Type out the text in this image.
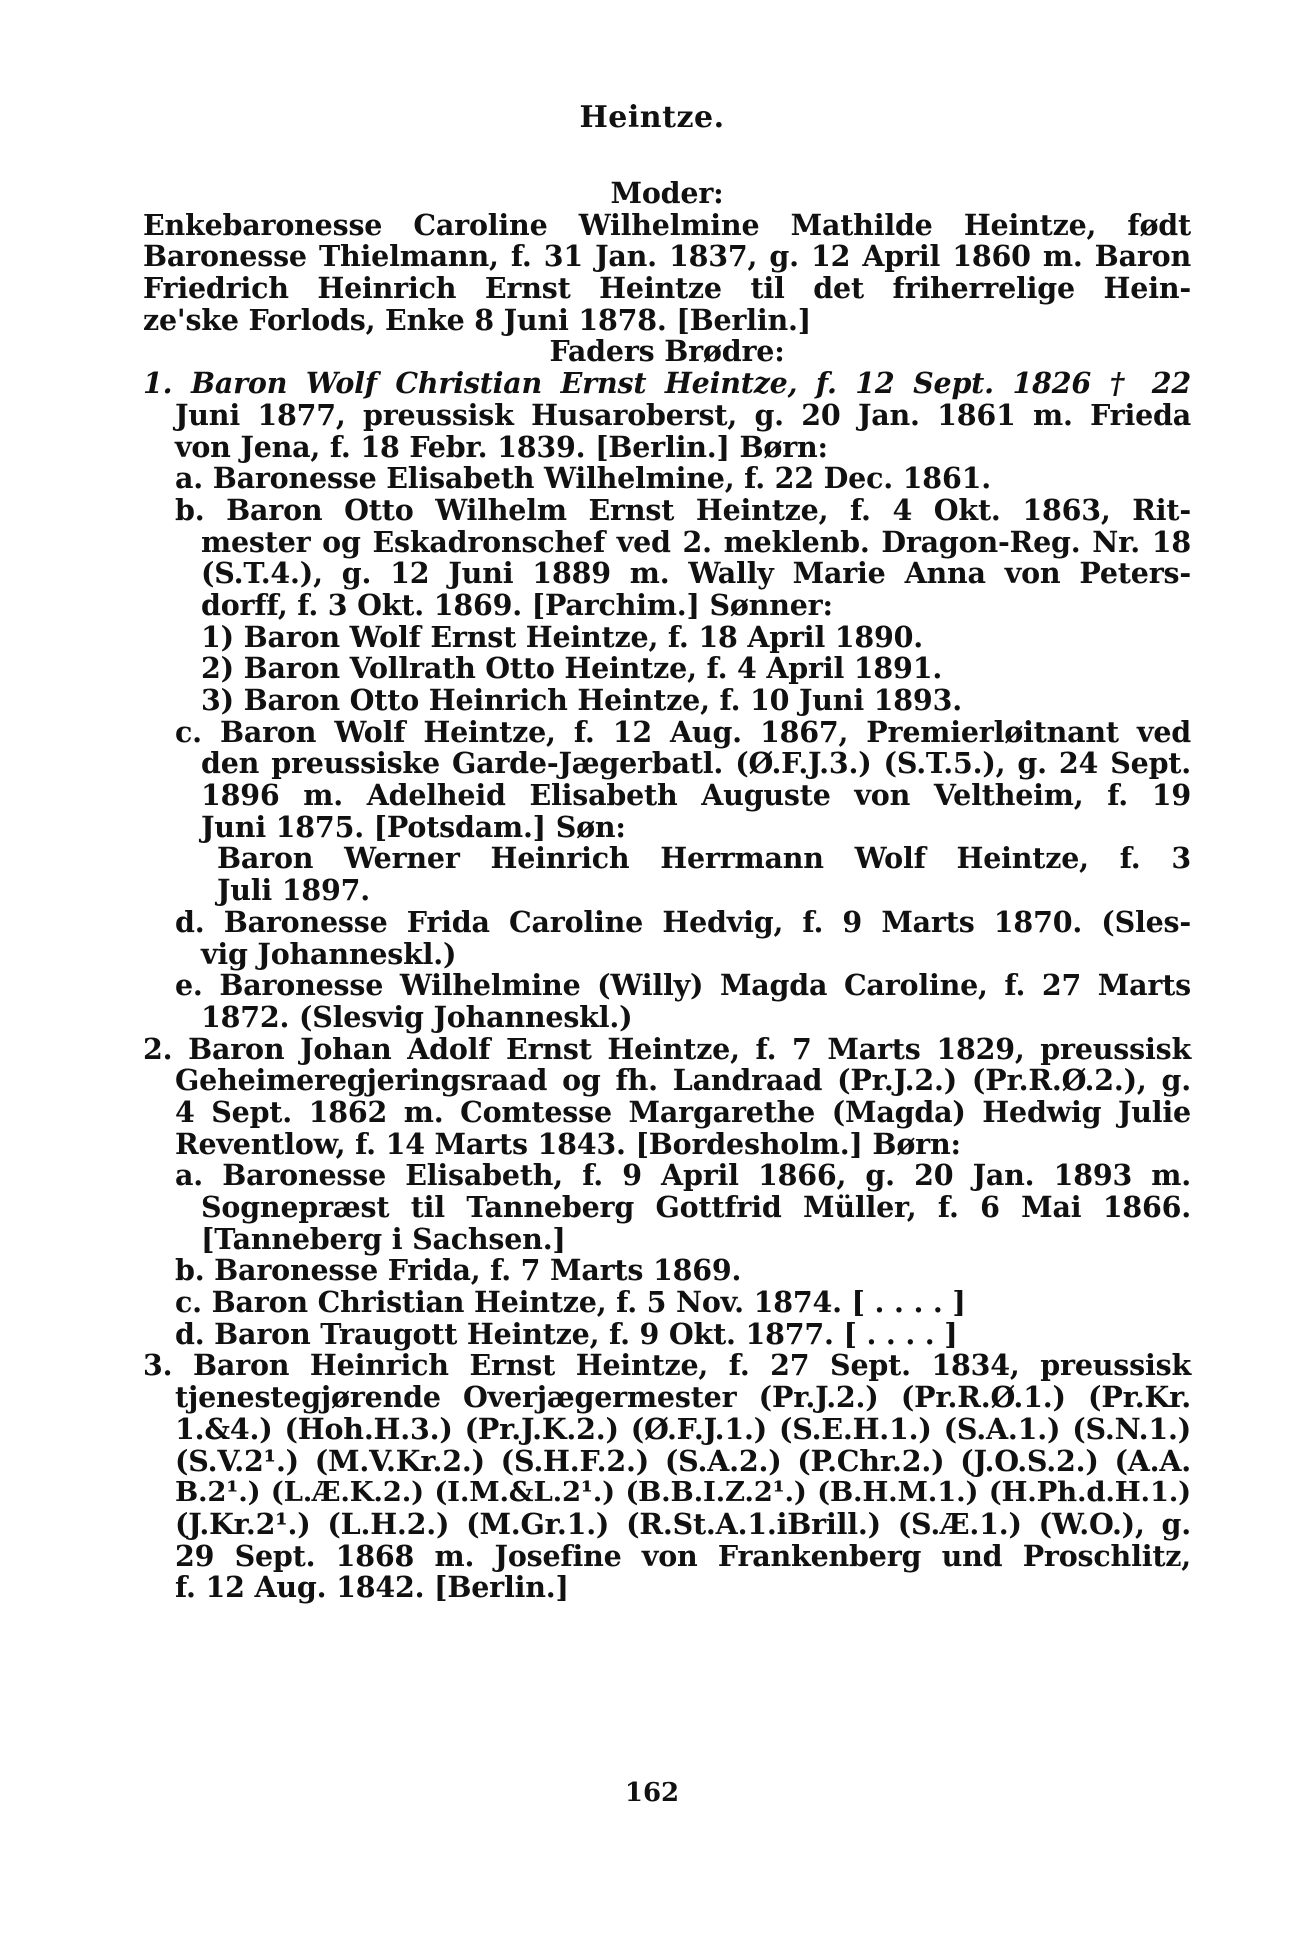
Heintze.
Moder:
Enkebaronesse Caroline Wilhelmine Mathilde Heintze, født
Baronesse Thielmann, f. 31 Jan. 1837, g. 12 April 1860 m. Baron
Friedrich Heinrich Ernst Heintze til det friherrelige Hein-
ze'ske Forlods, Enke 8 Juni 1878. [Berlin.]
Faders Brødre:
1. Baron Wolf Christian Ernst Heintze, f. 12 Sept. 1826 † 22
Juni 1877, preussisk Husaroberst, g. 20 Jan. 1861 m. Frieda
von Jena, f. 18 Febr. 1839. [Berlin.] Børn:
a. Baronesse Elisabeth Wilhelmine, f. 22 Dec. 1861.
b. Baron Otto Wilhelm Ernst Heintze, f. 4 Okt. 1863, Rit-
mester og Eskadronschef ved 2. meklenb. Dragon-Reg. Nr. 18
(S.T.4.), g. 12 Juni 1889 m. Wally Marie Anna von Peters-
dorff, f. 3 Okt. 1869. [Parchim.] Sønner:
1) Baron Wolf Ernst Heintze, f. 18 April 1890.
2) Baron Vollrath Otto Heintze, f. 4 April 1891.
3) Baron Otto Heinrich Heintze, f. 10 Juni 1893.
c. Baron Wolf Heintze, f. 12 Aug. 1867, Premierløitnant ved
den preussiske Garde-Jægerbatl. (Ø.F.J.3.) (S.T.5.), g. 24 Sept.
1896 m. Adelheid Elisabeth Auguste von Veltheim, f. 19
Juni 1875. [Potsdam.] Søn:
Baron Werner Heinrich Herrmann Wolf Heintze, f. 3
Juli 1897.
d. Baronesse Frida Caroline Hedvig, f. 9 Marts 1870. (Sles-
vig Johanneskl.)
e. Baronesse Wilhelmine (Willy) Magda Caroline, f. 27 Marts
1872. (Slesvig Johanneskl.)
2. Baron Johan Adolf Ernst Heintze, f. 7 Marts 1829, preussisk
Geheimeregjeringsraad og fh. Landraad (Pr.J.2.) (Pr.R.Ø.2.), g.
4 Sept. 1862 m. Comtesse Margarethe (Magda) Hedwig Julie
Reventlow, f. 14 Marts 1843. [Bordesholm.] Børn:
a. Baronesse Elisabeth, f. 9 April 1866, g. 20 Jan. 1893 m.
Sognepræst til Tanneberg Gottfrid Müller, f. 6 Mai 1866.
[Tanneberg i Sachsen.]
b. Baronesse Frida, f. 7 Marts 1869.
c. Baron Christian Heintze, f. 5 Nov. 1874. [ . . . . ]
d. Baron Traugott Heintze, f. 9 Okt. 1877. [ . . . . ]
3. Baron Heinrich Ernst Heintze, f. 27 Sept. 1834, preussisk
tjenestegjørende Overjægermester (Pr.J.2.) (Pr.R.Ø.1.) (Pr.Kr.
1.&4.) (Hoh.H.3.) (Pr.J.K.2.) (Ø.F.J.1.) (S.E.H.1.) (S.A.1.) (S.N.1.)
(S.V.2¹.) (M.V.Kr.2.) (S.H.F.2.) (S.A.2.) (P.Chr.2.) (J.O.S.2.) (A.A.
B.2¹.) (L.Æ.K.2.) (I.M.&L.2¹.) (B.B.I.Z.2¹.) (B.H.M.1.) (H.Ph.d.H.1.)
(J.Kr.2¹.) (L.H.2.) (M.Gr.1.) (R.St.A.1.iBrill.) (S.Æ.1.) (W.O.), g.
29 Sept. 1868 m. Josefine von Frankenberg und Proschlitz,
f. 12 Aug. 1842. [Berlin.]
162
